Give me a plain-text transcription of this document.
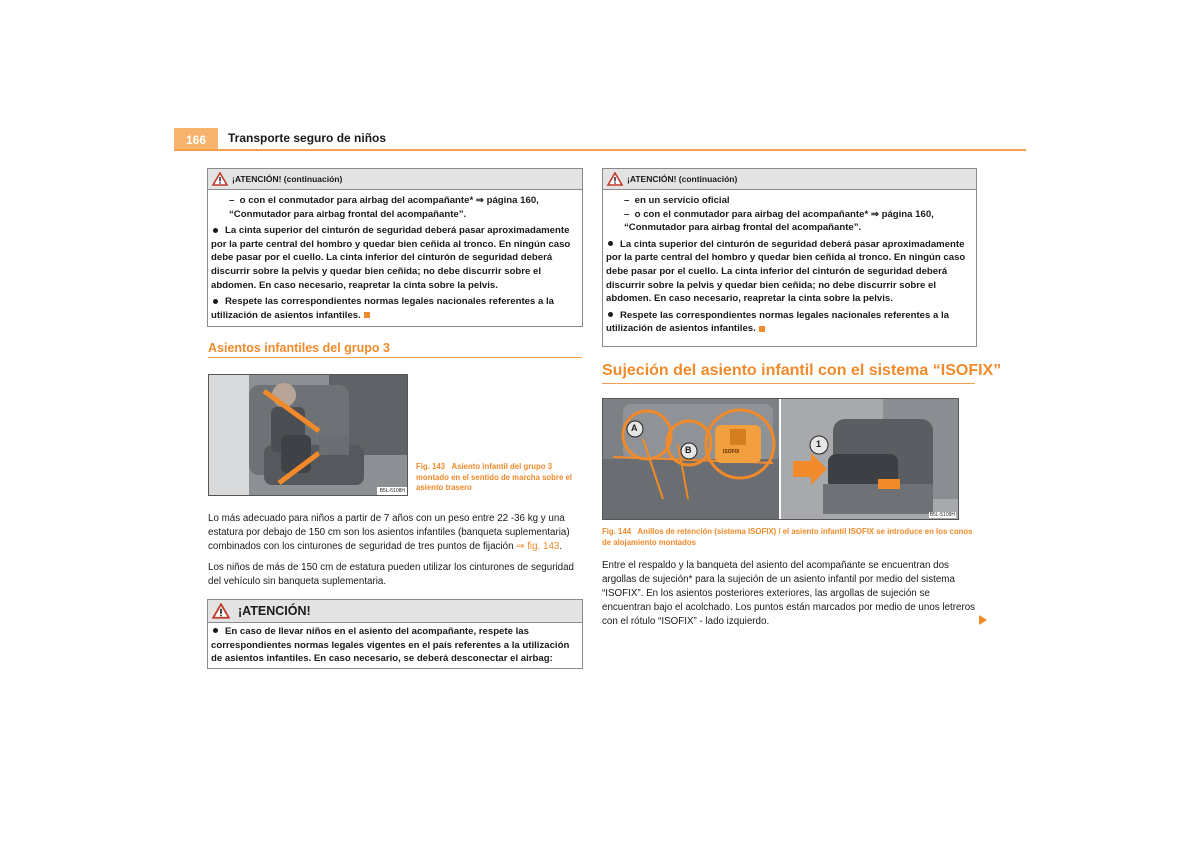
166	Transporte seguro de niños
¡ATENCIÓN! (continuación)

–  o con el conmutador para airbag del acompañante* ⇒ página 160, “Conmutador para airbag frontal del acompañante”.

La cinta superior del cinturón de seguridad deberá pasar aproximadamente por la parte central del hombro y quedar bien ceñida al tronco. En ningún caso debe pasar por el cuello. La cinta inferior del cinturón de seguridad deberá discurrir sobre la pelvis y quedar bien ceñida; no debe discurrir sobre el abdomen. En caso necesario, reapretar la cinta sobre la pelvis.

Respete las correspondientes normas legales nacionales referentes a la utilización de asientos infantiles.

Asientos infantiles del grupo 3
B5L-5108H
Fig. 143 Asiento infantil del grupo 3 montado en el sentido de marcha sobre el asiento trasero

Lo más adecuado para niños a partir de 7 años con un peso entre 22 -36 kg y una estatura por debajo de 150 cm son los asientos infantiles (banqueta suplementaria) combinados con los cinturones de seguridad de tres puntos de fijación ⇒ fig. 143.

Los niños de más de 150 cm de estatura pueden utilizar los cinturones de seguridad del vehículo sin banqueta suplementaria.

¡ATENCIÓN!

En caso de llevar niños en el asiento del acompañante, respete las correspondientes normas legales vigentes en el país referentes a la utilización de asientos infantiles. En caso necesario, se deberá desconectar el airbag:

¡ATENCIÓN! (continuación)

–  en un servicio oficial

–  o con el conmutador para airbag del acompañante* ⇒ página 160, “Conmutador para airbag frontal del acompañante”.

La cinta superior del cinturón de seguridad deberá pasar aproximadamente por la parte central del hombro y quedar bien ceñida al tronco. En ningún caso debe pasar por el cuello. La cinta inferior del cinturón de seguridad deberá discurrir sobre la pelvis y quedar bien ceñida; no debe discurrir sobre el abdomen. En caso necesario, reapretar la cinta sobre la pelvis.

Respete las correspondientes normas legales nacionales referentes a la utilización de asientos infantiles.

Sujeción del asiento infantil con el sistema “ISOFIX”
A
B
1
ISOFIX
B5L-5109H
Fig. 144 Anillos de retención (sistema ISOFIX) / el asiento infantil ISOFIX se introduce en los conos de alojamiento montados

Entre el respaldo y la banqueta del asiento del acompañante se encuentran dos argollas de sujeción* para la sujeción de un asiento infantil por medio del sistema “ISOFIX”. En los asientos posteriores exteriores, las argollas de sujeción se encuentran bajo el acolchado. Los puntos están marcados por medio de unos letreros con el rótulo “ISOFIX” - lado izquierdo.
